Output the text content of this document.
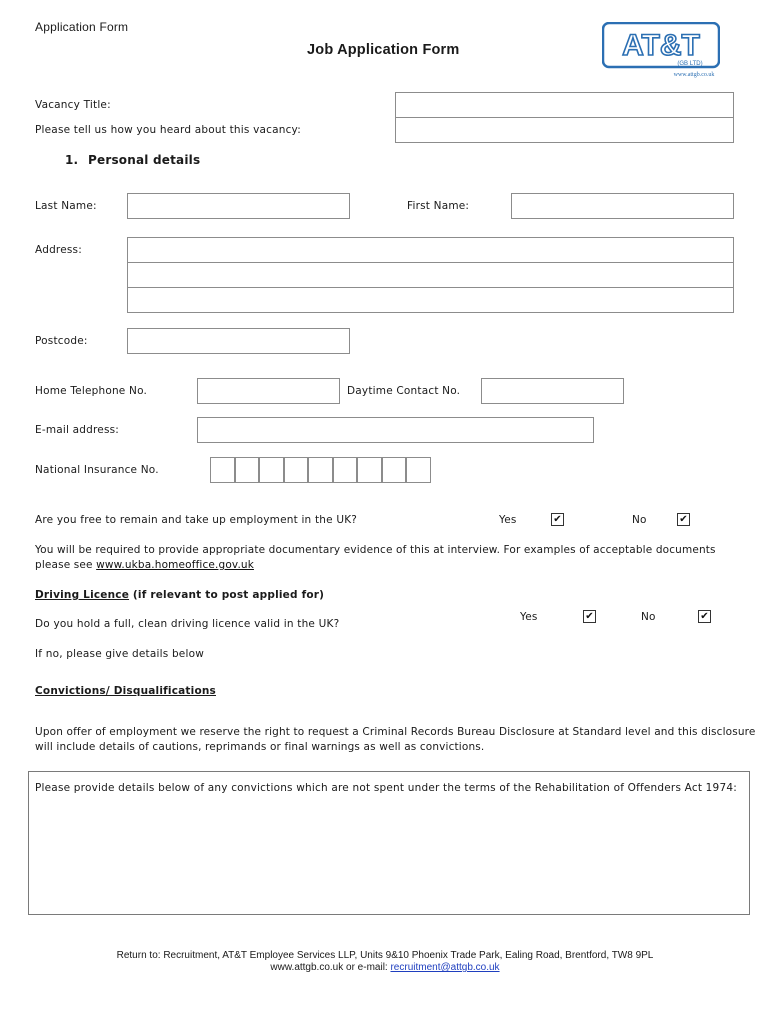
Application Form
Job Application Form	AT&T
(GB LTD)
www.attgb.co.uk
Vacancy Title:
Please tell us how you heard about this vacancy:
1. Personal details
Last Name:	First Name:
Address:
Postcode:
Home Telephone No.	Daytime Contact No.
E-mail address:
National Insurance No.
Are you free to remain and take up employment in the UK?	Yes	✔	No	✔
You will be required to provide appropriate documentary evidence of this at interview. For examples of acceptable documents
please see www.ukba.homeoffice.gov.uk
Driving Licence (if relevant to post applied for)
Do you hold a full, clean driving licence valid in the UK?
Yes	✔	No	✔
If no, please give details below
Convictions/ Disqualifications
Upon offer of employment we reserve the right to request a Criminal Records Bureau Disclosure at Standard level and this disclosure
will include details of cautions, reprimands or final warnings as well as convictions.
Please provide details below of any convictions which are not spent under the terms of the Rehabilitation of Offenders Act 1974:
Return to: Recruitment, AT&T Employee Services LLP, Units 9&10 Phoenix Trade Park, Ealing Road, Brentford, TW8 9PL
www.attgb.co.uk or e-mail: recruitment@attgb.co.uk
